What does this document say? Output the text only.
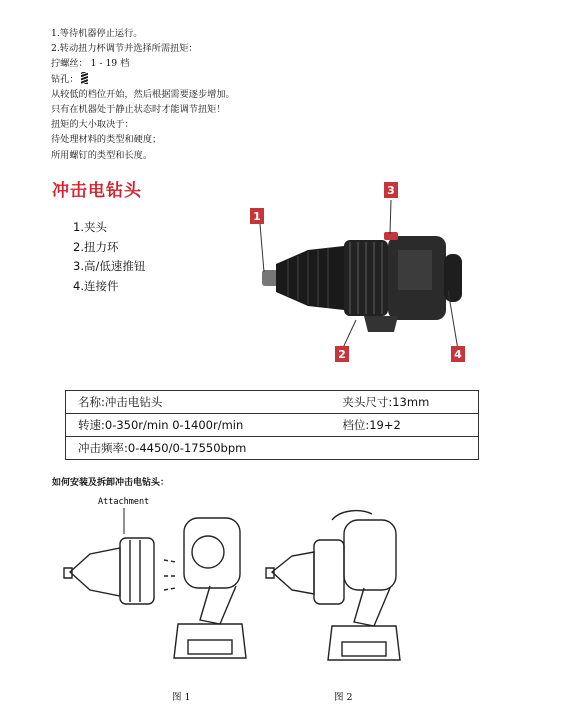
1.等待机器停止运行。
2.转动扭力杯调节并选择所需扭矩：
拧螺丝： 1 - 19 档
钻孔：
从较低的档位开始，然后根据需要逐步增加。
只有在机器处于静止状态时才能调节扭矩！
扭矩的大小取决于：
待处理材料的类型和硬度；
所用螺钉的类型和长度。
冲击电钻头
1.夹头
2.扭力环
3.高/低速推钮
4.连接件
1
2
3
4
名称:冲击电钻头	夹头尺寸:13mm
转速:0-350r/min 0-1400r/min	档位:19+2
冲击频率:0-4450/0-17550bpm	
如何安装及拆卸冲击电钻头：
Attachment
图 1	图 2
